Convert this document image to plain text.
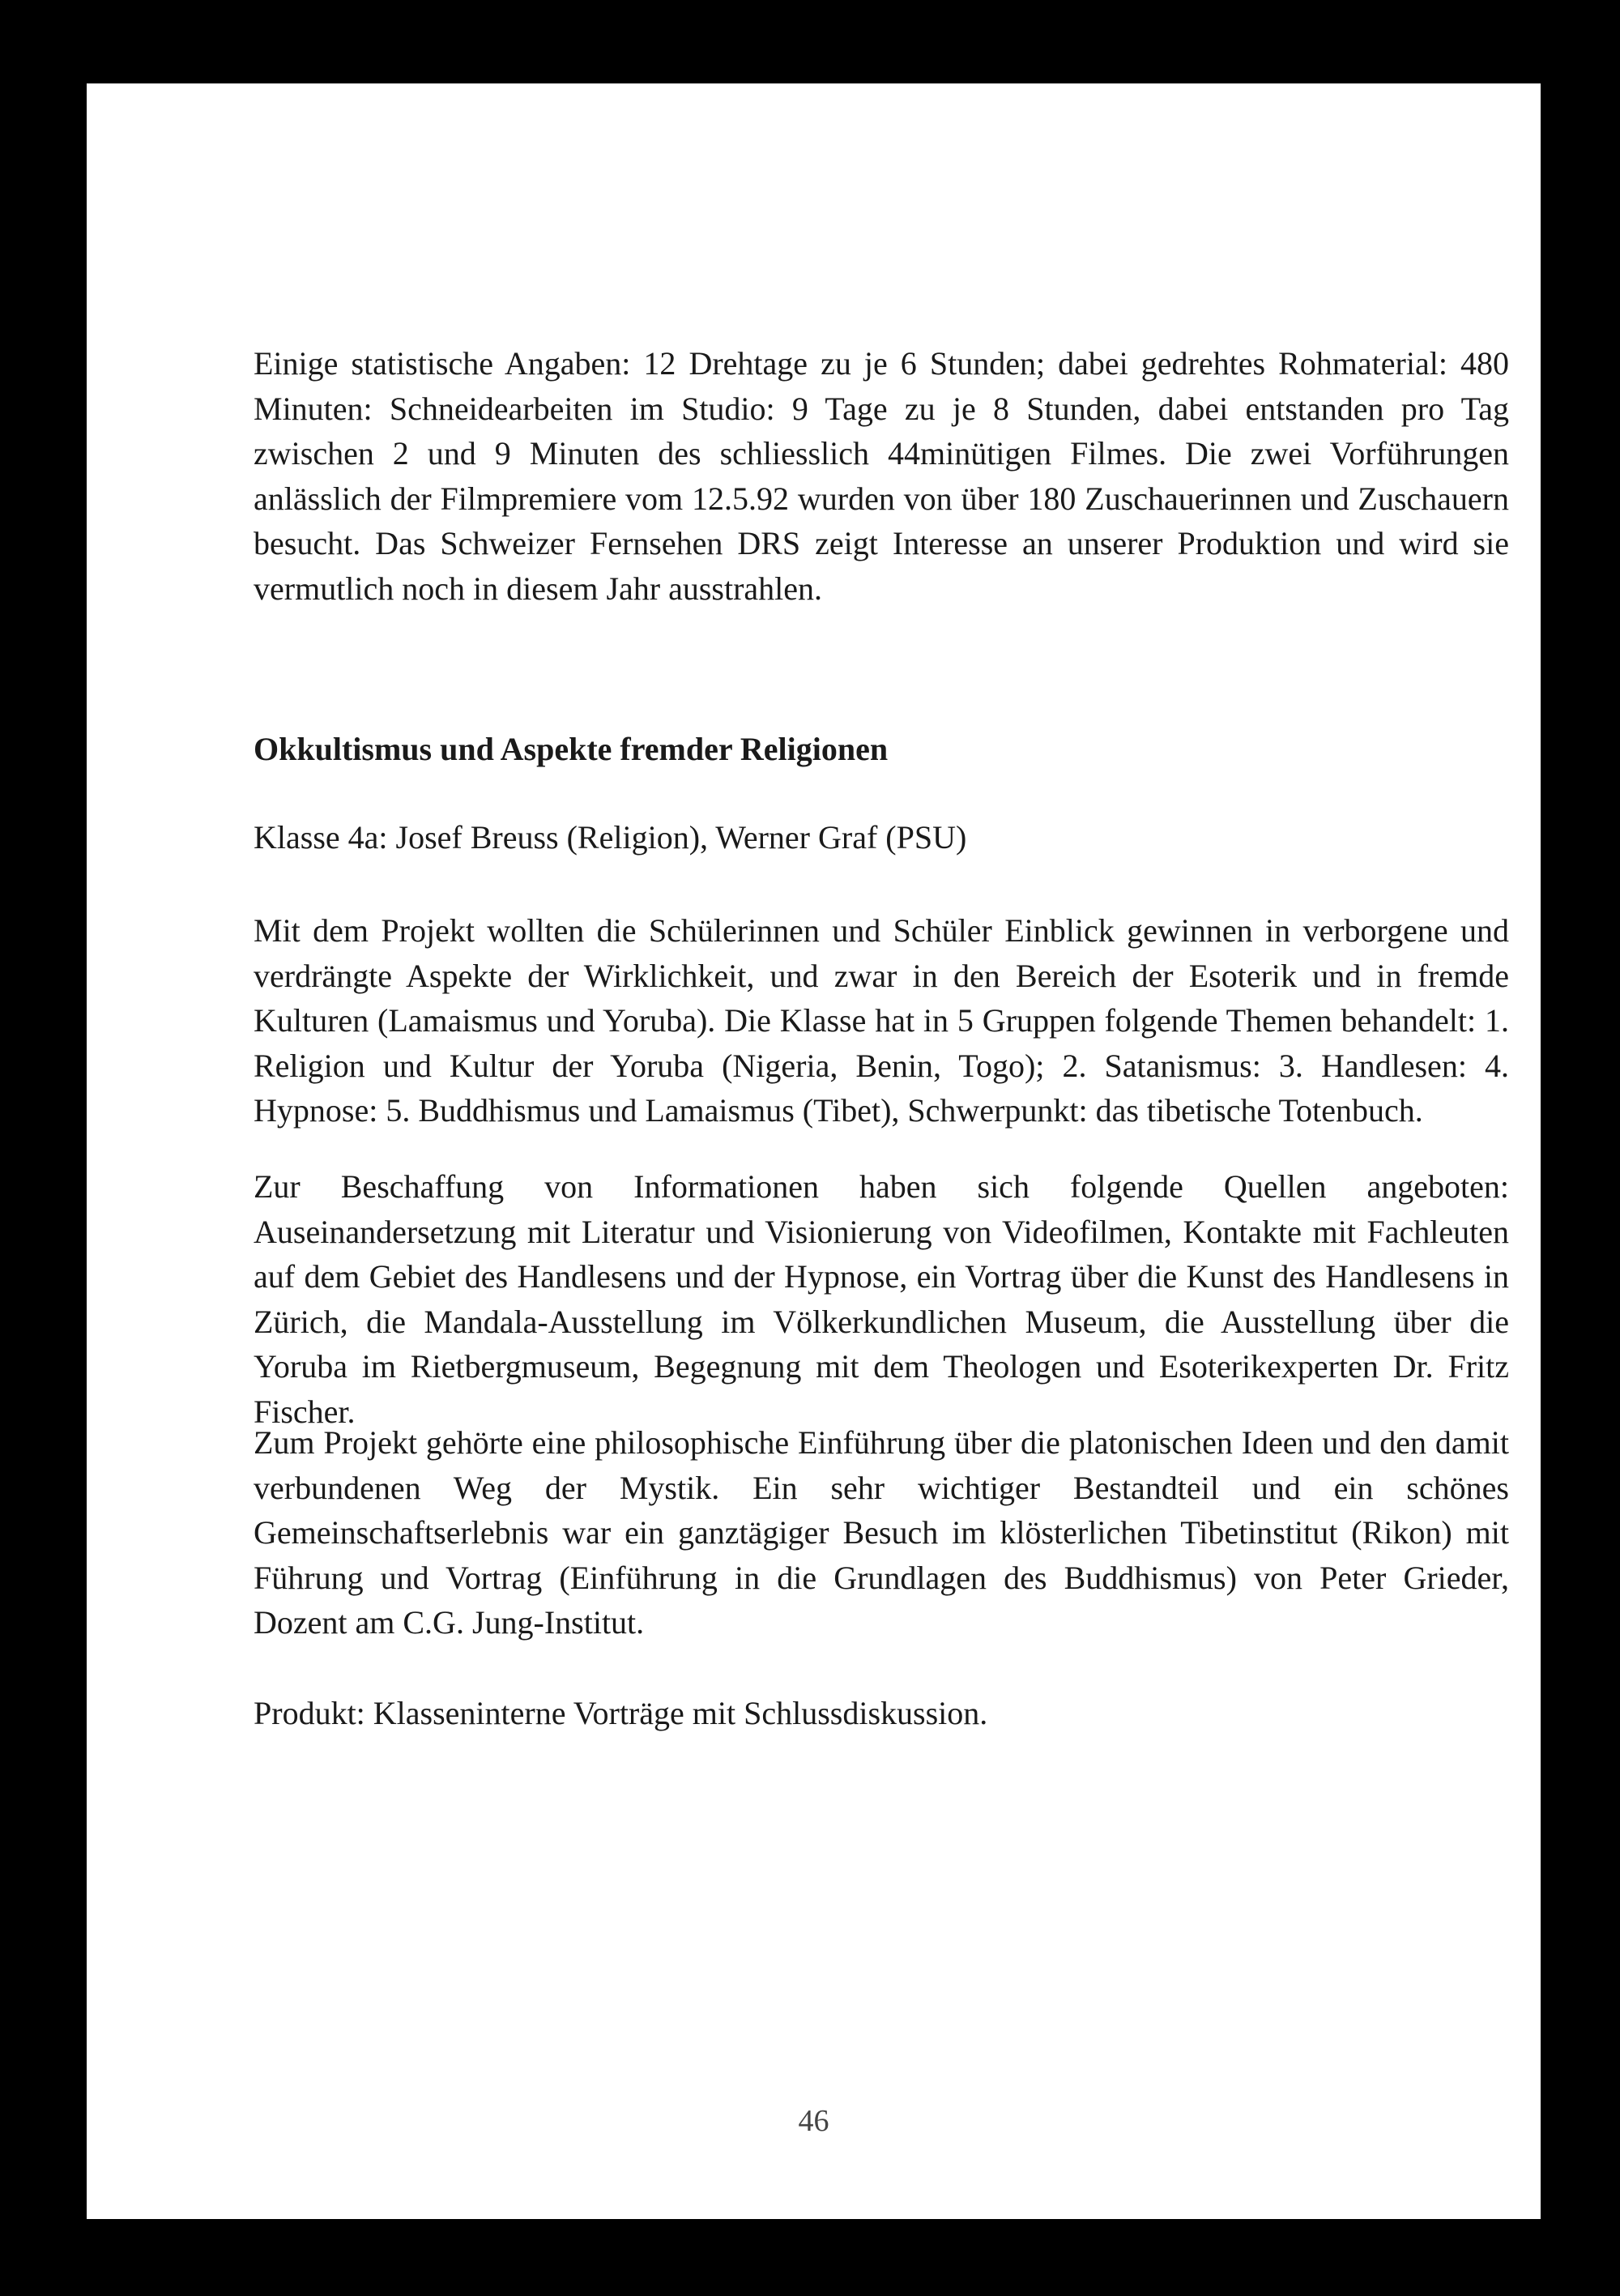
Einige statistische Angaben: 12 Drehtage zu je 6 Stunden; dabei gedrehtes Rohmaterial: 480 Minuten: Schneidearbeiten im Studio: 9 Tage zu je 8 Stunden, dabei entstanden pro Tag zwischen 2 und 9 Minuten des schliesslich 44minütigen Filmes. Die zwei Vorführungen anlässlich der Filmpremiere vom 12.5.92 wurden von über 180 Zuschauerinnen und Zuschauern besucht. Das Schweizer Fernsehen DRS zeigt Interesse an unserer Produktion und wird sie vermutlich noch in diesem Jahr ausstrahlen.

Okkultismus und Aspekte fremder Religionen

Klasse 4a: Josef Breuss (Religion), Werner Graf (PSU)

Mit dem Projekt wollten die Schülerinnen und Schüler Einblick gewinnen in verborgene und verdrängte Aspekte der Wirklichkeit, und zwar in den Bereich der Esoterik und in fremde Kulturen (Lamaismus und Yoruba). Die Klasse hat in 5 Gruppen folgende Themen behandelt: 1. Religion und Kultur der Yoruba (Nigeria, Benin, Togo); 2. Satanismus: 3. Handlesen: 4. Hypnose: 5. Buddhismus und Lamaismus (Tibet), Schwerpunkt: das tibetische Totenbuch.

Zur Beschaffung von Informationen haben sich folgende Quellen angeboten: Auseinandersetzung mit Literatur und Visionierung von Videofilmen, Kontakte mit Fachleuten auf dem Gebiet des Handlesens und der Hypnose, ein Vortrag über die Kunst des Handlesens in Zürich, die Mandala-Ausstellung im Völkerkundlichen Museum, die Ausstellung über die Yoruba im Rietbergmuseum, Begegnung mit dem Theologen und Esoterikexperten Dr. Fritz Fischer.

Zum Projekt gehörte eine philosophische Einführung über die platonischen Ideen und den damit verbundenen Weg der Mystik. Ein sehr wichtiger Bestandteil und ein schönes Gemeinschaftserlebnis war ein ganztägiger Besuch im klösterlichen Tibetinstitut (Rikon) mit Führung und Vortrag (Einführung in die Grundlagen des Buddhismus) von Peter Grieder, Dozent am C.G. Jung-Institut.

Produkt: Klasseninterne Vorträge mit Schlussdiskussion.

46
